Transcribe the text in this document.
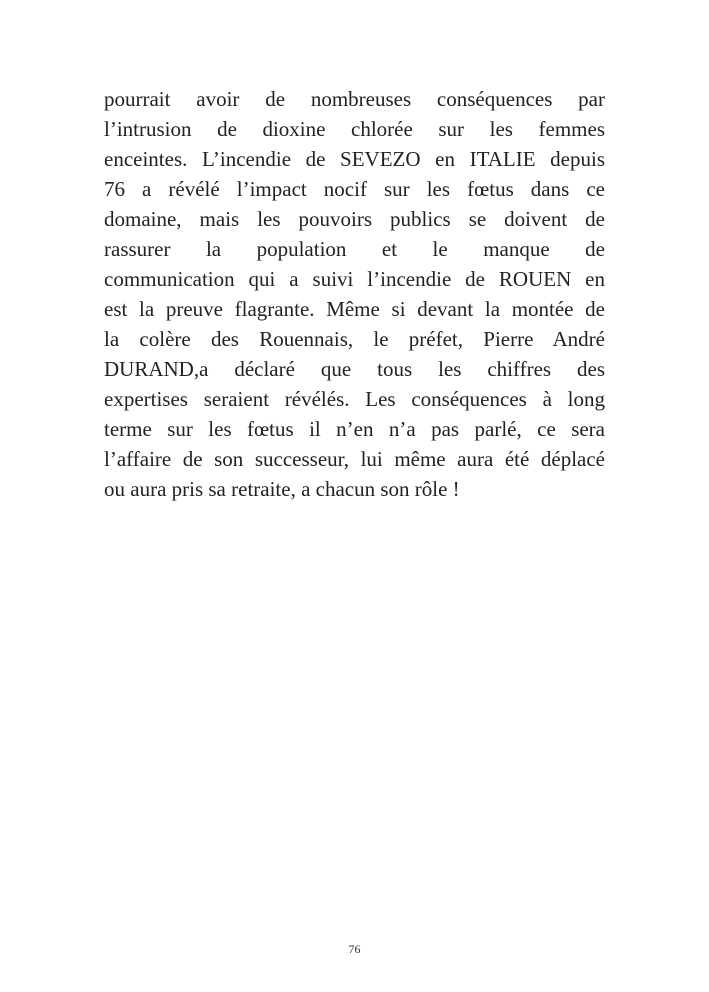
pourrait avoir de nombreuses conséquences par
l’intrusion de dioxine chlorée sur les femmes
enceintes. L’incendie de SEVEZO en ITALIE depuis
76 a révélé l’impact nocif sur les fœtus dans ce
domaine, mais les pouvoirs publics se doivent de
rassurer la population et le manque de
communication qui a suivi l’incendie de ROUEN en
est la preuve flagrante. Même si devant la montée de
la colère des Rouennais, le préfet, Pierre André
DURAND,a déclaré que tous les chiffres des
expertises seraient révélés. Les conséquences à long
terme sur les fœtus il n’en n’a pas parlé, ce sera
l’affaire de son successeur, lui même aura été déplacé
ou aura pris sa retraite, a chacun son rôle !
76
